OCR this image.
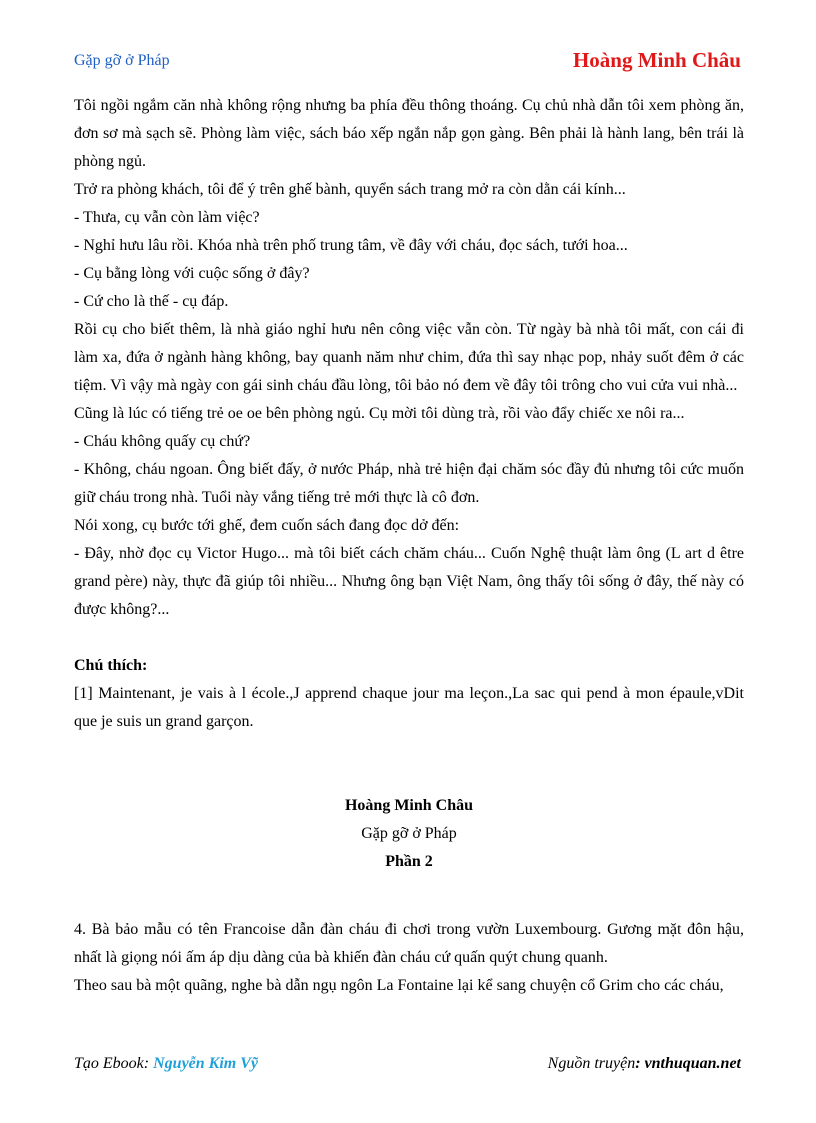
Gặp gỡ ở Pháp	Hoàng Minh Châu

Tôi ngồi ngắm căn nhà không rộng nhưng ba phía đều thông thoáng. Cụ chủ nhà dẫn tôi xem phòng ăn, đơn sơ mà sạch sẽ. Phòng làm việc, sách báo xếp ngắn nắp gọn gàng. Bên phải là hành lang, bên trái là phòng ngủ.

Trở ra phòng khách, tôi để ý trên ghế bành, quyển sách trang mở ra còn dằn cái kính...

- Thưa, cụ vẫn còn làm việc?

- Nghỉ hưu lâu rồi. Khóa nhà trên phố trung tâm, về đây với cháu, đọc sách, tưới hoa...

- Cụ bằng lòng với cuộc sống ở đây?

- Cứ cho là thế - cụ đáp.

Rồi cụ cho biết thêm, là nhà giáo nghỉ hưu nên công việc vẫn còn. Từ ngày bà nhà tôi mất, con cái đi làm xa, đứa ở ngành hàng không, bay quanh năm như chim, đứa thì say nhạc pop, nhảy suốt đêm ở các tiệm. Vì vậy mà ngày con gái sinh cháu đầu lòng, tôi bảo nó đem về đây tôi trông cho vui cửa vui nhà...

Cũng là lúc có tiếng trẻ oe oe bên phòng ngủ. Cụ mời tôi dùng trà, rồi vào đẩy chiếc xe nôi ra...

- Cháu không quấy cụ chứ?

- Không, cháu ngoan. Ông biết đấy, ở nước Pháp, nhà trẻ hiện đại chăm sóc đầy đủ nhưng tôi cức muốn giữ cháu trong nhà. Tuổi này vắng tiếng trẻ mới thực là cô đơn.

Nói xong, cụ bước tới ghế, đem cuốn sách đang đọc dở đến:

- Đây, nhờ đọc cụ Victor Hugo... mà tôi biết cách chăm cháu... Cuốn Nghệ thuật làm ông (L art d être grand père) này, thực đã giúp tôi nhiều... Nhưng ông bạn Việt Nam, ông thấy tôi sống ở đây, thế này có được không?...

Chú thích:

[1] Maintenant, je vais à l école.,J apprend chaque jour ma leçon.,La sac qui pend à mon épaule,vDit que je suis un grand garçon.

Hoàng Minh Châu

Gặp gỡ ở Pháp

Phần 2

4. Bà bảo mẫu có tên Francoise dẫn đàn cháu đi chơi trong vườn Luxembourg. Gương mặt đôn hậu, nhất là giọng nói ấm áp dịu dàng của bà khiến đàn cháu cứ quấn quýt chung quanh.

Theo sau bà một quãng, nghe bà dẫn ngụ ngôn La Fontaine lại kể sang chuyện cổ Grim cho các cháu,

Tạo Ebook: Nguyễn Kim Vỹ	Nguồn truyện: vnthuquan.net
